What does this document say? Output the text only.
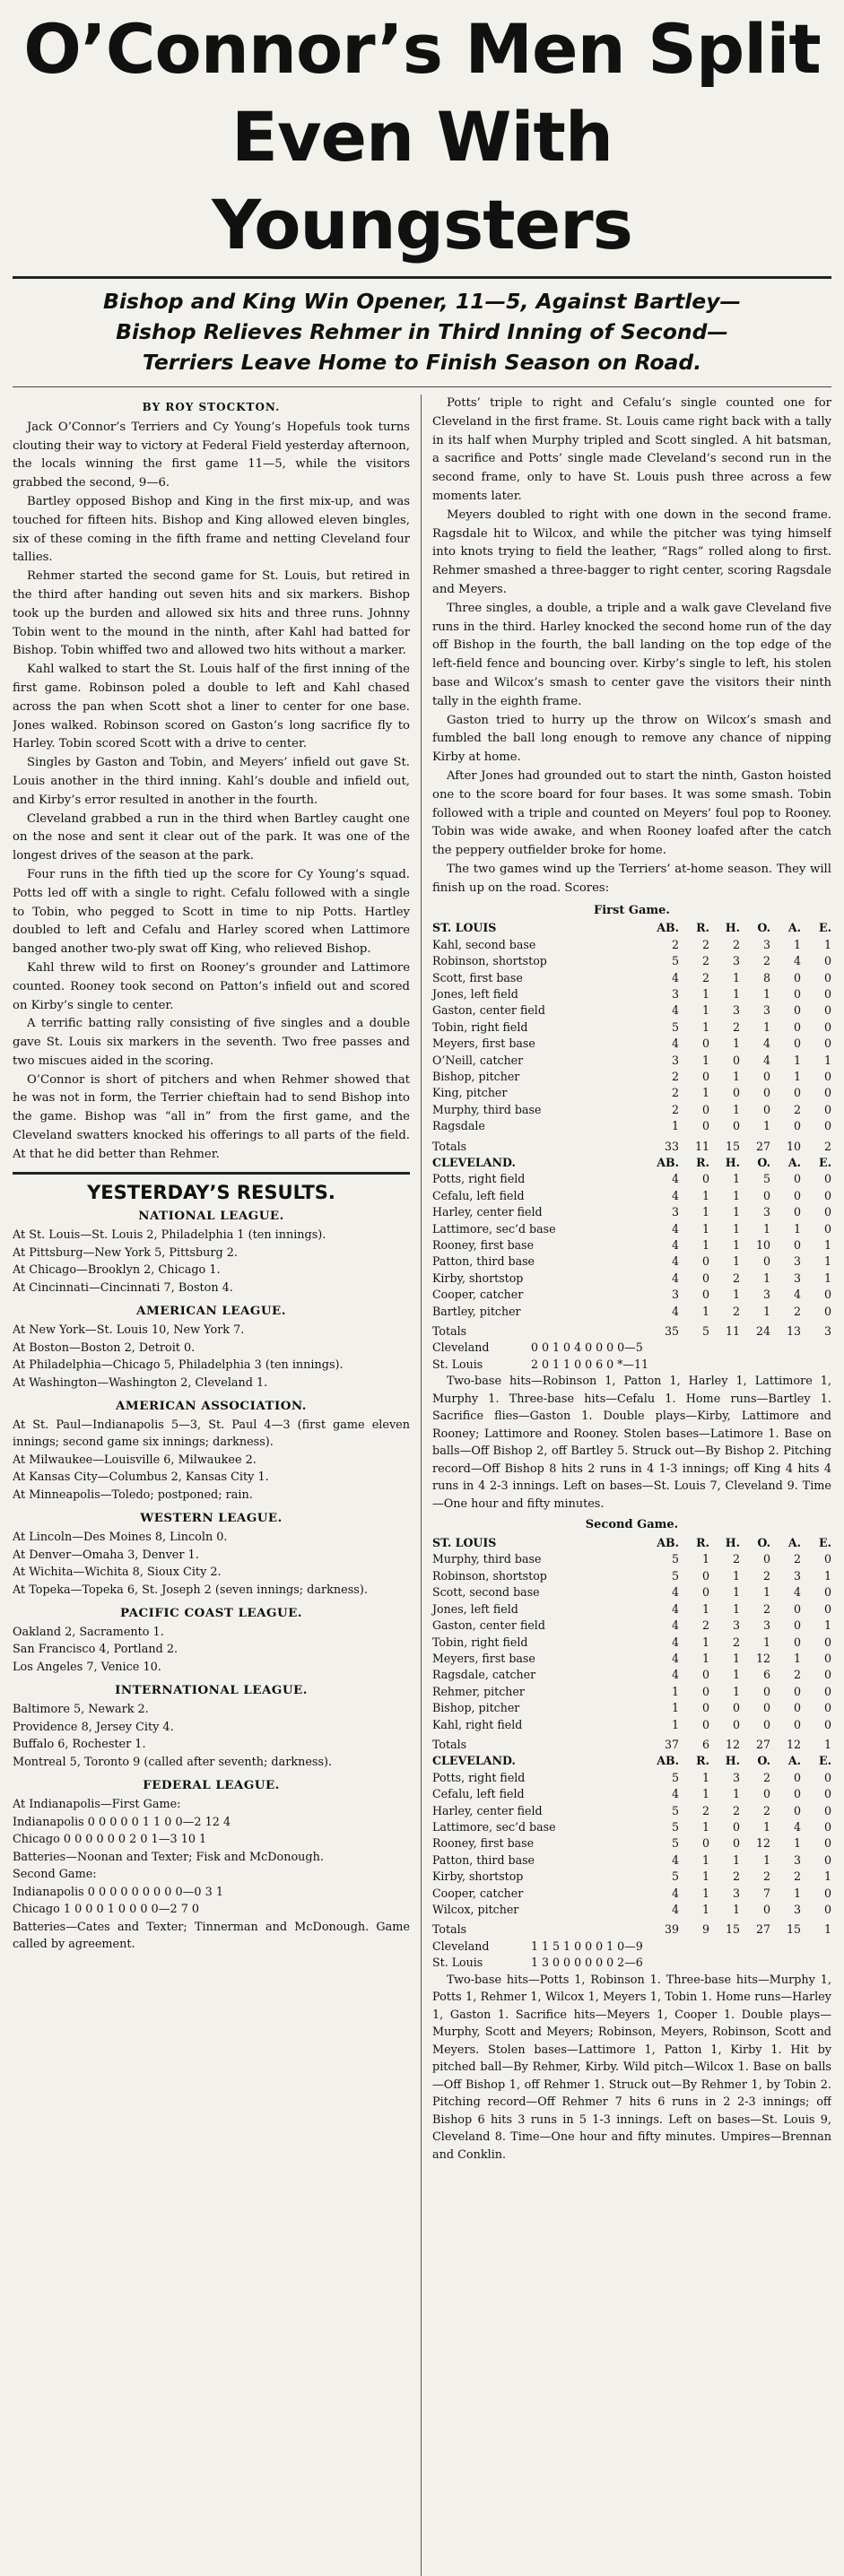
O’Connor’s Men Split
Even With Youngsters
Bishop and King Win Opener, 11—5, Against Bartley—
Bishop Relieves Rehmer in Third Inning of Second—
Terriers Leave Home to Finish Season on Road.
BY ROY STOCKTON.

Jack O’Connor’s Terriers and Cy Young’s Hopefuls took turns clouting their way to victory at Federal Field yesterday afternoon, the locals winning the first game 11—5, while the visitors grabbed the second, 9—6.

Bartley opposed Bishop and King in the first mix-up, and was touched for fifteen hits. Bishop and King allowed eleven bingles, six of these coming in the fifth frame and netting Cleveland four tallies.

Rehmer started the second game for St. Louis, but retired in the third after handing out seven hits and six markers. Bishop took up the burden and allowed six hits and three runs. Johnny Tobin went to the mound in the ninth, after Kahl had batted for Bishop. Tobin whiffed two and allowed two hits without a marker.

Kahl walked to start the St. Louis half of the first inning of the first game. Robinson poled a double to left and Kahl chased across the pan when Scott shot a liner to center for one base. Jones walked. Robinson scored on Gaston’s long sacrifice fly to Harley. Tobin scored Scott with a drive to center.

Singles by Gaston and Tobin, and Meyers’ infield out gave St. Louis another in the third inning. Kahl’s double and infield out, and Kirby’s error resulted in another in the fourth.

Cleveland grabbed a run in the third when Bartley caught one on the nose and sent it clear out of the park. It was one of the longest drives of the season at the park.

Four runs in the fifth tied up the score for Cy Young’s squad. Potts led off with a single to right. Cefalu followed with a single to Tobin, who pegged to Scott in time to nip Potts. Hartley doubled to left and Cefalu and Harley scored when Lattimore banged another two-ply swat off King, who relieved Bishop.

Kahl threw wild to first on Rooney’s grounder and Lattimore counted. Rooney took second on Patton’s infield out and scored on Kirby’s single to center.

A terrific batting rally consisting of five singles and a double gave St. Louis six markers in the seventh. Two free passes and two miscues aided in the scoring.

O’Connor is short of pitchers and when Rehmer showed that he was not in form, the Terrier chieftain had to send Bishop into the game. Bishop was “all in” from the first game, and the Cleveland swatters knocked his offerings to all parts of the field. At that he did better than Rehmer.

YESTERDAY’S RESULTS.
NATIONAL LEAGUE.
At St. Louis—St. Louis 2, Philadelphia 1 (ten innings).
At Pittsburg—New York 5, Pittsburg 2.
At Chicago—Brooklyn 2, Chicago 1.
At Cincinnati—Cincinnati 7, Boston 4.
AMERICAN LEAGUE.
At New York—St. Louis 10, New York 7.
At Boston—Boston 2, Detroit 0.
At Philadelphia—Chicago 5, Philadelphia 3 (ten innings).
At Washington—Washington 2, Cleveland 1.
AMERICAN ASSOCIATION.
At St. Paul—Indianapolis 5—3, St. Paul 4—3 (first game eleven innings; second game six innings; darkness).
At Milwaukee—Louisville 6, Milwaukee 2.
At Kansas City—Columbus 2, Kansas City 1.
At Minneapolis—Toledo; postponed; rain.
WESTERN LEAGUE.
At Lincoln—Des Moines 8, Lincoln 0.
At Denver—Omaha 3, Denver 1.
At Wichita—Wichita 8, Sioux City 2.
At Topeka—Topeka 6, St. Joseph 2 (seven innings; darkness).
PACIFIC COAST LEAGUE.
Oakland 2, Sacramento 1.
San Francisco 4, Portland 2.
Los Angeles 7, Venice 10.
INTERNATIONAL LEAGUE.
Baltimore 5, Newark 2.
Providence 8, Jersey City 4.
Buffalo 6, Rochester 1.
Montreal 5, Toronto 9 (called after seventh; darkness).
FEDERAL LEAGUE.
At Indianapolis—First Game:
Indianapolis 0 0 0 0 0 1 1 0 0—2 12 4
Chicago 0 0 0 0 0 0 2 0 1—3 10 1
Batteries—Noonan and Texter; Fisk and McDonough.
Second Game:
Indianapolis 0 0 0 0 0 0 0 0 0—0 3 1
Chicago 1 0 0 0 1 0 0 0 0—2 7 0
Batteries—Cates and Texter; Tinnerman and McDonough. Game called by agreement.

Potts’ triple to right and Cefalu’s single counted one for Cleveland in the first frame. St. Louis came right back with a tally in its half when Murphy tripled and Scott singled. A hit batsman, a sacrifice and Potts’ single made Cleveland’s second run in the second frame, only to have St. Louis push three across a few moments later.

Meyers doubled to right with one down in the second frame. Ragsdale hit to Wilcox, and while the pitcher was tying himself into knots trying to field the leather, “Rags” rolled along to first. Rehmer smashed a three-bagger to right center, scoring Ragsdale and Meyers.

Three singles, a double, a triple and a walk gave Cleveland five runs in the third. Harley knocked the second home run of the day off Bishop in the fourth, the ball landing on the top edge of the left-field fence and bouncing over. Kirby’s single to left, his stolen base and Wilcox’s smash to center gave the visitors their ninth tally in the eighth frame.

Gaston tried to hurry up the throw on Wilcox’s smash and fumbled the ball long enough to remove any chance of nipping Kirby at home.

After Jones had grounded out to start the ninth, Gaston hoisted one to the score board for four bases. It was some smash. Tobin followed with a triple and counted on Meyers’ foul pop to Rooney. Tobin was wide awake, and when Rooney loafed after the catch the peppery outfielder broke for home.

The two games wind up the Terriers’ at-home season. They will finish up on the road. Scores:

First Game.
ST. LOUIS	AB.	R.	H.	O.	A.	E.
Kahl, second base	2	2	2	3	1	1
Robinson, shortstop	5	2	3	2	4	0
Scott, first base	4	2	1	8	0	0
Jones, left field	3	1	1	1	0	0
Gaston, center field	4	1	3	3	0	0
Tobin, right field	5	1	2	1	0	0
Meyers, first base	4	0	1	4	0	0
O’Neill, catcher	3	1	0	4	1	1
Bishop, pitcher	2	0	1	0	1	0
King, pitcher	2	1	0	0	0	0
Murphy, third base	2	0	1	0	2	0
Ragsdale	1	0	0	1	0	0
Totals	33	11	15	27	10	2
CLEVELAND.	AB.	R.	H.	O.	A.	E.
Potts, right field	4	0	1	5	0	0
Cefalu, left field	4	1	1	0	0	0
Harley, center field	3	1	1	3	0	0
Lattimore, sec’d base	4	1	1	1	1	0
Rooney, first base	4	1	1	10	0	1
Patton, third base	4	0	1	0	3	1
Kirby, shortstop	4	0	2	1	3	1
Cooper, catcher	3	0	1	3	4	0
Bartley, pitcher	4	1	2	1	2	0
Totals	35	5	11	24	13	3
Cleveland	0 0 1 0 4 0 0 0 0—5
St. Louis	2 0 1 1 0 0 6 0 *—11
Two-base hits—Robinson 1, Patton 1, Harley 1, Lattimore 1, Murphy 1. Three-base hits—Cefalu 1. Home runs—Bartley 1. Sacrifice flies—Gaston 1. Double plays—Kirby, Lattimore and Rooney; Lattimore and Rooney. Stolen bases—Latimore 1. Base on balls—Off Bishop 2, off Bartley 5. Struck out—By Bishop 2. Pitching record—Off Bishop 8 hits 2 runs in 4 1-3 innings; off King 4 hits 4 runs in 4 2-3 innings. Left on bases—St. Louis 7, Cleveland 9. Time—One hour and fifty minutes.
Second Game.
ST. LOUIS	AB.	R.	H.	O.	A.	E.
Murphy, third base	5	1	2	0	2	0
Robinson, shortstop	5	0	1	2	3	1
Scott, second base	4	0	1	1	4	0
Jones, left field	4	1	1	2	0	0
Gaston, center field	4	2	3	3	0	1
Tobin, right field	4	1	2	1	0	0
Meyers, first base	4	1	1	12	1	0
Ragsdale, catcher	4	0	1	6	2	0
Rehmer, pitcher	1	0	1	0	0	0
Bishop, pitcher	1	0	0	0	0	0
Kahl, right field	1	0	0	0	0	0
Totals	37	6	12	27	12	1
CLEVELAND.	AB.	R.	H.	O.	A.	E.
Potts, right field	5	1	3	2	0	0
Cefalu, left field	4	1	1	0	0	0
Harley, center field	5	2	2	2	0	0
Lattimore, sec’d base	5	1	0	1	4	0
Rooney, first base	5	0	0	12	1	0
Patton, third base	4	1	1	1	3	0
Kirby, shortstop	5	1	2	2	2	1
Cooper, catcher	4	1	3	7	1	0
Wilcox, pitcher	4	1	1	0	3	0
Totals	39	9	15	27	15	1
Cleveland	1 1 5 1 0 0 0 1 0—9
St. Louis	1 3 0 0 0 0 0 0 2—6
Two-base hits—Potts 1, Robinson 1. Three-base hits—Murphy 1, Potts 1, Rehmer 1, Wilcox 1, Meyers 1, Tobin 1. Home runs—Harley 1, Gaston 1. Sacrifice hits—Meyers 1, Cooper 1. Double plays—Murphy, Scott and Meyers; Robinson, Meyers, Robinson, Scott and Meyers. Stolen bases—Lattimore 1, Patton 1, Kirby 1. Hit by pitched ball—By Rehmer, Kirby. Wild pitch—Wilcox 1. Base on balls—Off Bishop 1, off Rehmer 1. Struck out—By Rehmer 1, by Tobin 2. Pitching record—Off Rehmer 7 hits 6 runs in 2 2-3 innings; off Bishop 6 hits 3 runs in 5 1-3 innings. Left on bases—St. Louis 9, Cleveland 8. Time—One hour and fifty minutes. Umpires—Brennan and Conklin.
